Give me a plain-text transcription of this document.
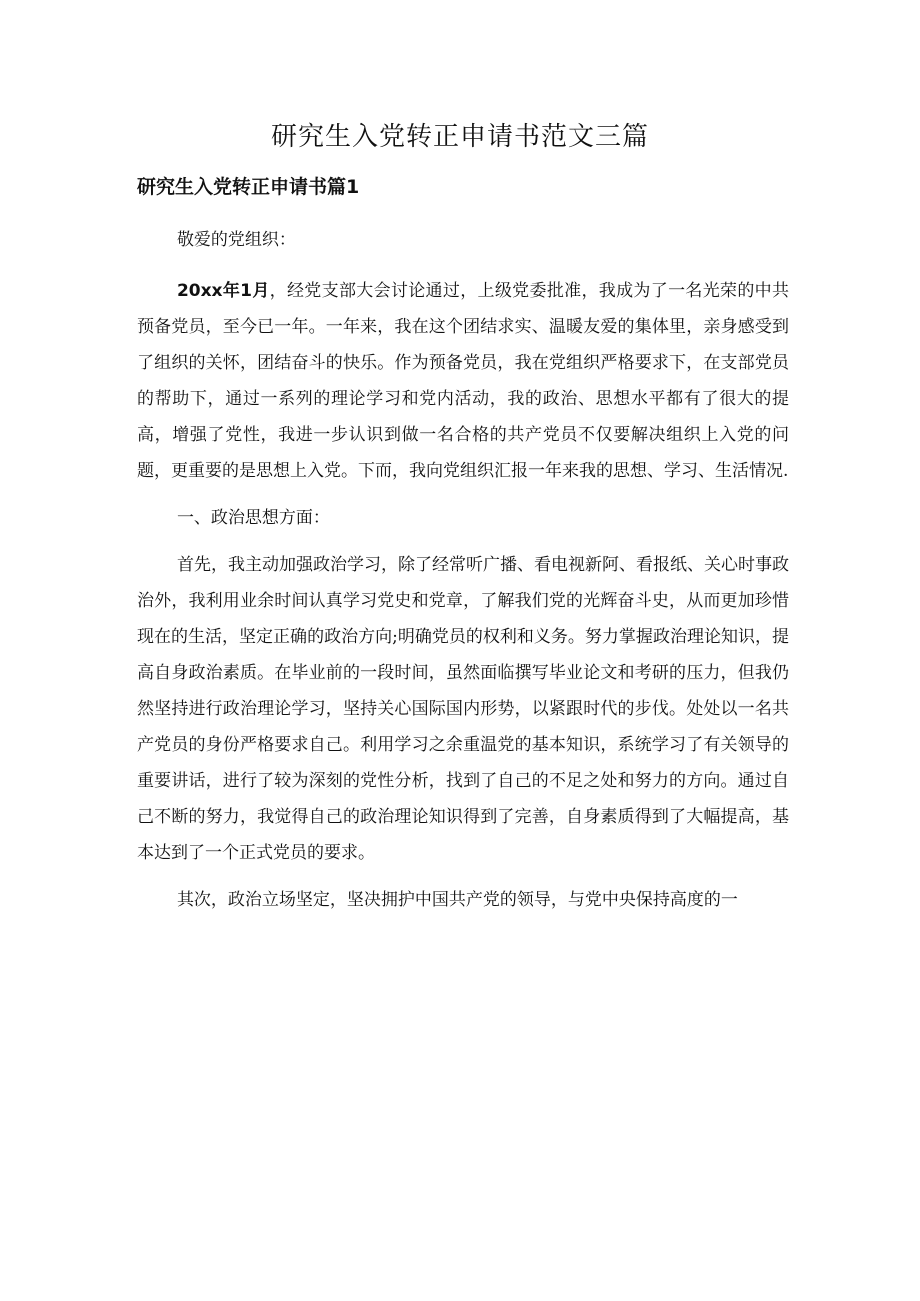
研究生入党转正申请书范文三篇
研究生入党转正申请书篇1

敬爱的党组织：

20xx年1月，经党支部大会讨论通过，上级党委批准，我成为了一名光荣的中共预备党员，至今已一年。一年来，我在这个团结求实、温暖友爱的集体里，亲身感受到了组织的关怀，团结奋斗的快乐。作为预备党员，我在党组织严格要求下，在支部党员的帮助下，通过一系列的理论学习和党内活动，我的政治、思想水平都有了很大的提高，增强了党性，我进一步认识到做一名合格的共产党员不仅要解决组织上入党的问题，更重要的是思想上入党。下而，我向党组织汇报一年来我的思想、学习、生活情况.

一、政治思想方面：

首先，我主动加强政治学习，除了经常听广播、看电视新阿、看报纸、关心时事政治外，我利用业余时间认真学习党史和党章，了解我们党的光辉奋斗史，从而更加珍惜现在的生活，坚定正确的政治方向;明确党员的权利和义务。努力掌握政治理论知识，提高自身政治素质。在毕业前的一段时间，虽然面临撰写毕业论文和考研的压力，但我仍然坚持进行政治理论学习，坚持关心国际国内形势，以紧跟时代的步伐。处处以一名共产党员的身份严格要求自己。利用学习之余重温党的基本知识，系统学习了有关领导的重要讲话，进行了较为深刻的党性分析，找到了自己的不足之处和努力的方向。通过自己不断的努力，我觉得自己的政治理论知识得到了完善，自身素质得到了大幅提高，基本达到了一个正式党员的要求。

其次，政治立场坚定，坚决拥护中国共产党的领导，与党中央保持高度的一
